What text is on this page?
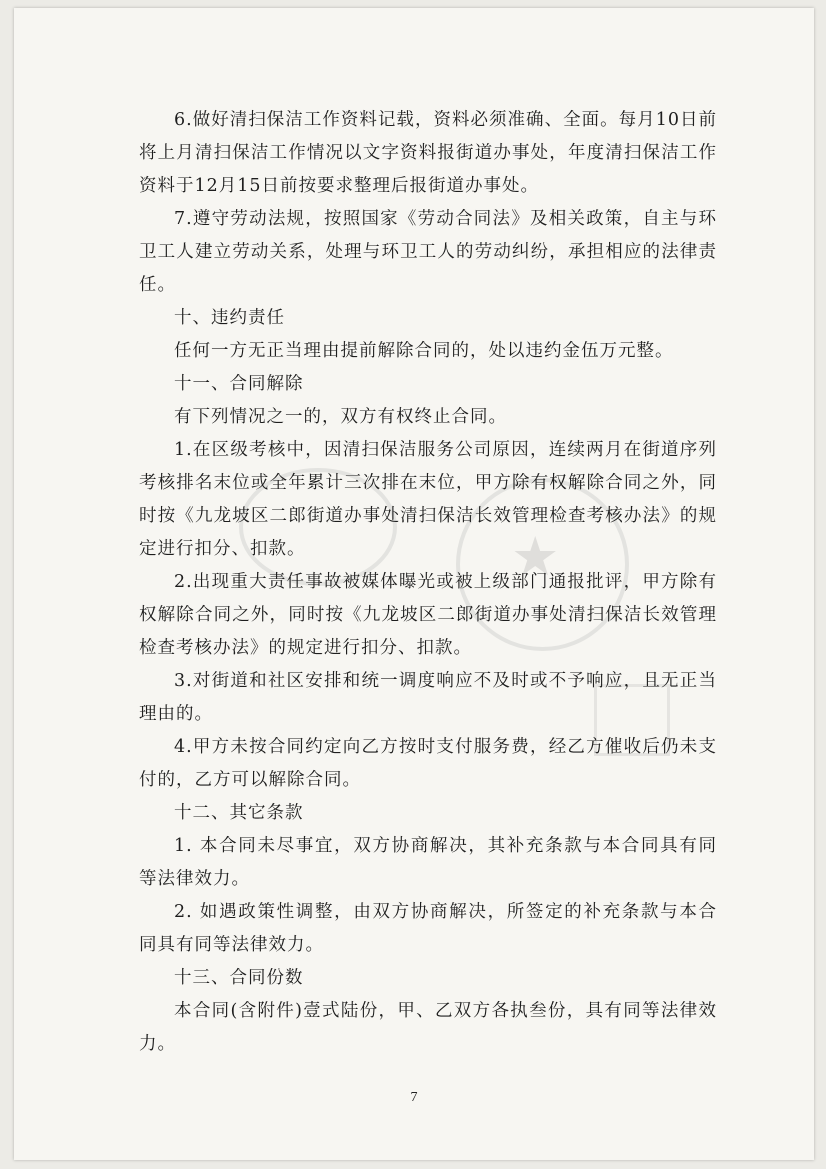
★

6.做好清扫保洁工作资料记载，资料必须准确、全面。每月10日前将上月清扫保洁工作情况以文字资料报街道办事处，年度清扫保洁工作资料于12月15日前按要求整理后报街道办事处。

7.遵守劳动法规，按照国家《劳动合同法》及相关政策，自主与环卫工人建立劳动关系，处理与环卫工人的劳动纠纷，承担相应的法律责任。

十、违约责任

任何一方无正当理由提前解除合同的，处以违约金伍万元整。

十一、合同解除

有下列情况之一的，双方有权终止合同。

1.在区级考核中，因清扫保洁服务公司原因，连续两月在街道序列考核排名末位或全年累计三次排在末位，甲方除有权解除合同之外，同时按《九龙坡区二郎街道办事处清扫保洁长效管理检查考核办法》的规定进行扣分、扣款。

2.出现重大责任事故被媒体曝光或被上级部门通报批评，甲方除有权解除合同之外，同时按《九龙坡区二郎街道办事处清扫保洁长效管理检查考核办法》的规定进行扣分、扣款。

3.对街道和社区安排和统一调度响应不及时或不予响应，且无正当理由的。

4.甲方未按合同约定向乙方按时支付服务费，经乙方催收后仍未支付的，乙方可以解除合同。

十二、其它条款

1. 本合同未尽事宜，双方协商解决，其补充条款与本合同具有同等法律效力。

2. 如遇政策性调整，由双方协商解决，所签定的补充条款与本合同具有同等法律效力。

十三、合同份数

本合同(含附件)壹式陆份，甲、乙双方各执叁份，具有同等法律效力。

7
